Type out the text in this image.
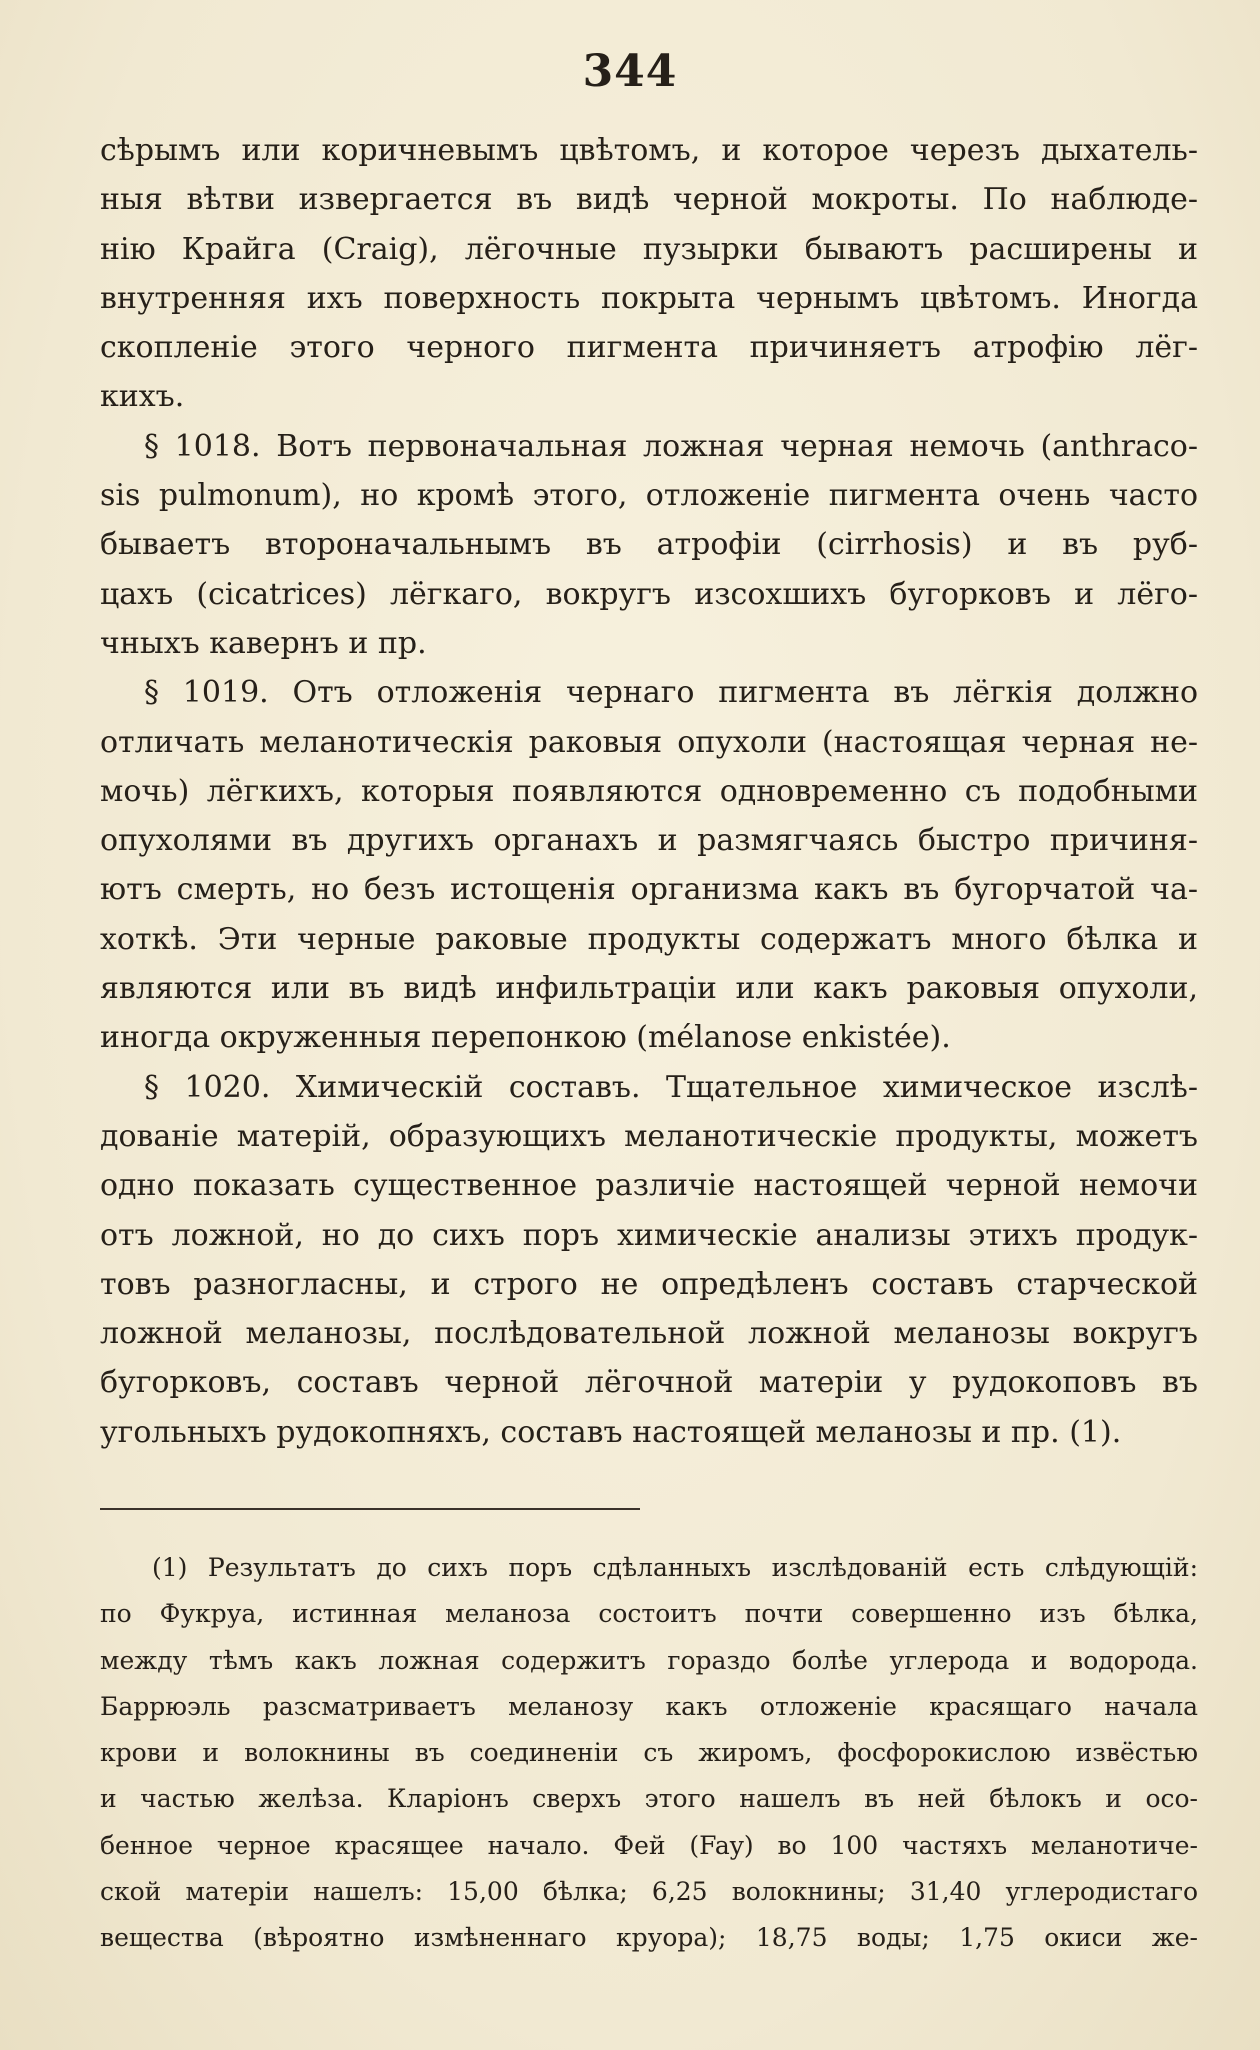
344
сѣрымъ или коричневымъ цвѣтомъ, и которое черезъ дыхатель-
ныя вѣтви извергается въ видѣ черной мокроты. По наблюде-
нію Крайга (Craig), лёгочные пузырки бываютъ расширены и
внутренняя ихъ поверхность покрыта чернымъ цвѣтомъ. Иногда
скопленіе этого черного пигмента причиняетъ атрофію лёг-
кихъ.
§ 1018. Вотъ первоначальная ложная черная немочь (anthraco-
sis pulmonum), но кромѣ этого, отложеніе пигмента очень часто
бываетъ второначальнымъ въ атрофіи (cirrhosis) и въ руб-
цахъ (cicatrices) лёгкаго, вокругъ изсохшихъ бугорковъ и лёго-
чныхъ кавернъ и пр.
§ 1019. Отъ отложенія чернаго пигмента въ лёгкія должно
отличать меланотическія раковыя опухоли (настоящая черная не-
мочь) лёгкихъ, которыя появляются одновременно съ подобными
опухолями въ другихъ органахъ и размягчаясь быстро причиня-
ютъ смерть, но безъ истощенія организма какъ въ бугорчатой ча-
хоткѣ. Эти черные раковые продукты содержатъ много бѣлка и
являются или въ видѣ инфильтраціи или какъ раковыя опухоли,
иногда окруженныя перепонкою (mélanose enkistée).
§ 1020. Химическій составъ. Тщательное химическое изслѣ-
дованіе матерій, образующихъ меланотическіе продукты, можетъ
одно показать существенное различіе настоящей черной немочи
отъ ложной, но до сихъ поръ химическіе анализы этихъ продук-
товъ разногласны, и строго не опредѣленъ составъ старческой
ложной меланозы, послѣдовательной ложной меланозы вокругъ
бугорковъ, составъ черной лёгочной матеріи у рудокоповъ въ
угольныхъ рудокопняхъ, составъ настоящей меланозы и пр. (1).
(1) Результатъ до сихъ поръ сдѣланныхъ изслѣдованій есть слѣдующій:
по Фукруа, истинная меланоза состоитъ почти совершенно изъ бѣлка,
между тѣмъ какъ ложная содержитъ гораздо болѣе углерода и водорода.
Баррюэль разсматриваетъ меланозу какъ отложеніе красящаго начала
крови и волокнины въ соединеніи съ жиромъ, фосфорокислою извёстью
и частью желѣза. Кларіонъ сверхъ этого нашелъ въ ней бѣлокъ и осо-
бенное черное красящее начало. Фей (Fay) во 100 частяхъ меланотиче-
ской матеріи нашелъ: 15,00 бѣлка; 6,25 волокнины; 31,40 углеродистаго
вещества (вѣроятно измѣненнаго круора); 18,75 воды; 1,75 окиси же-
